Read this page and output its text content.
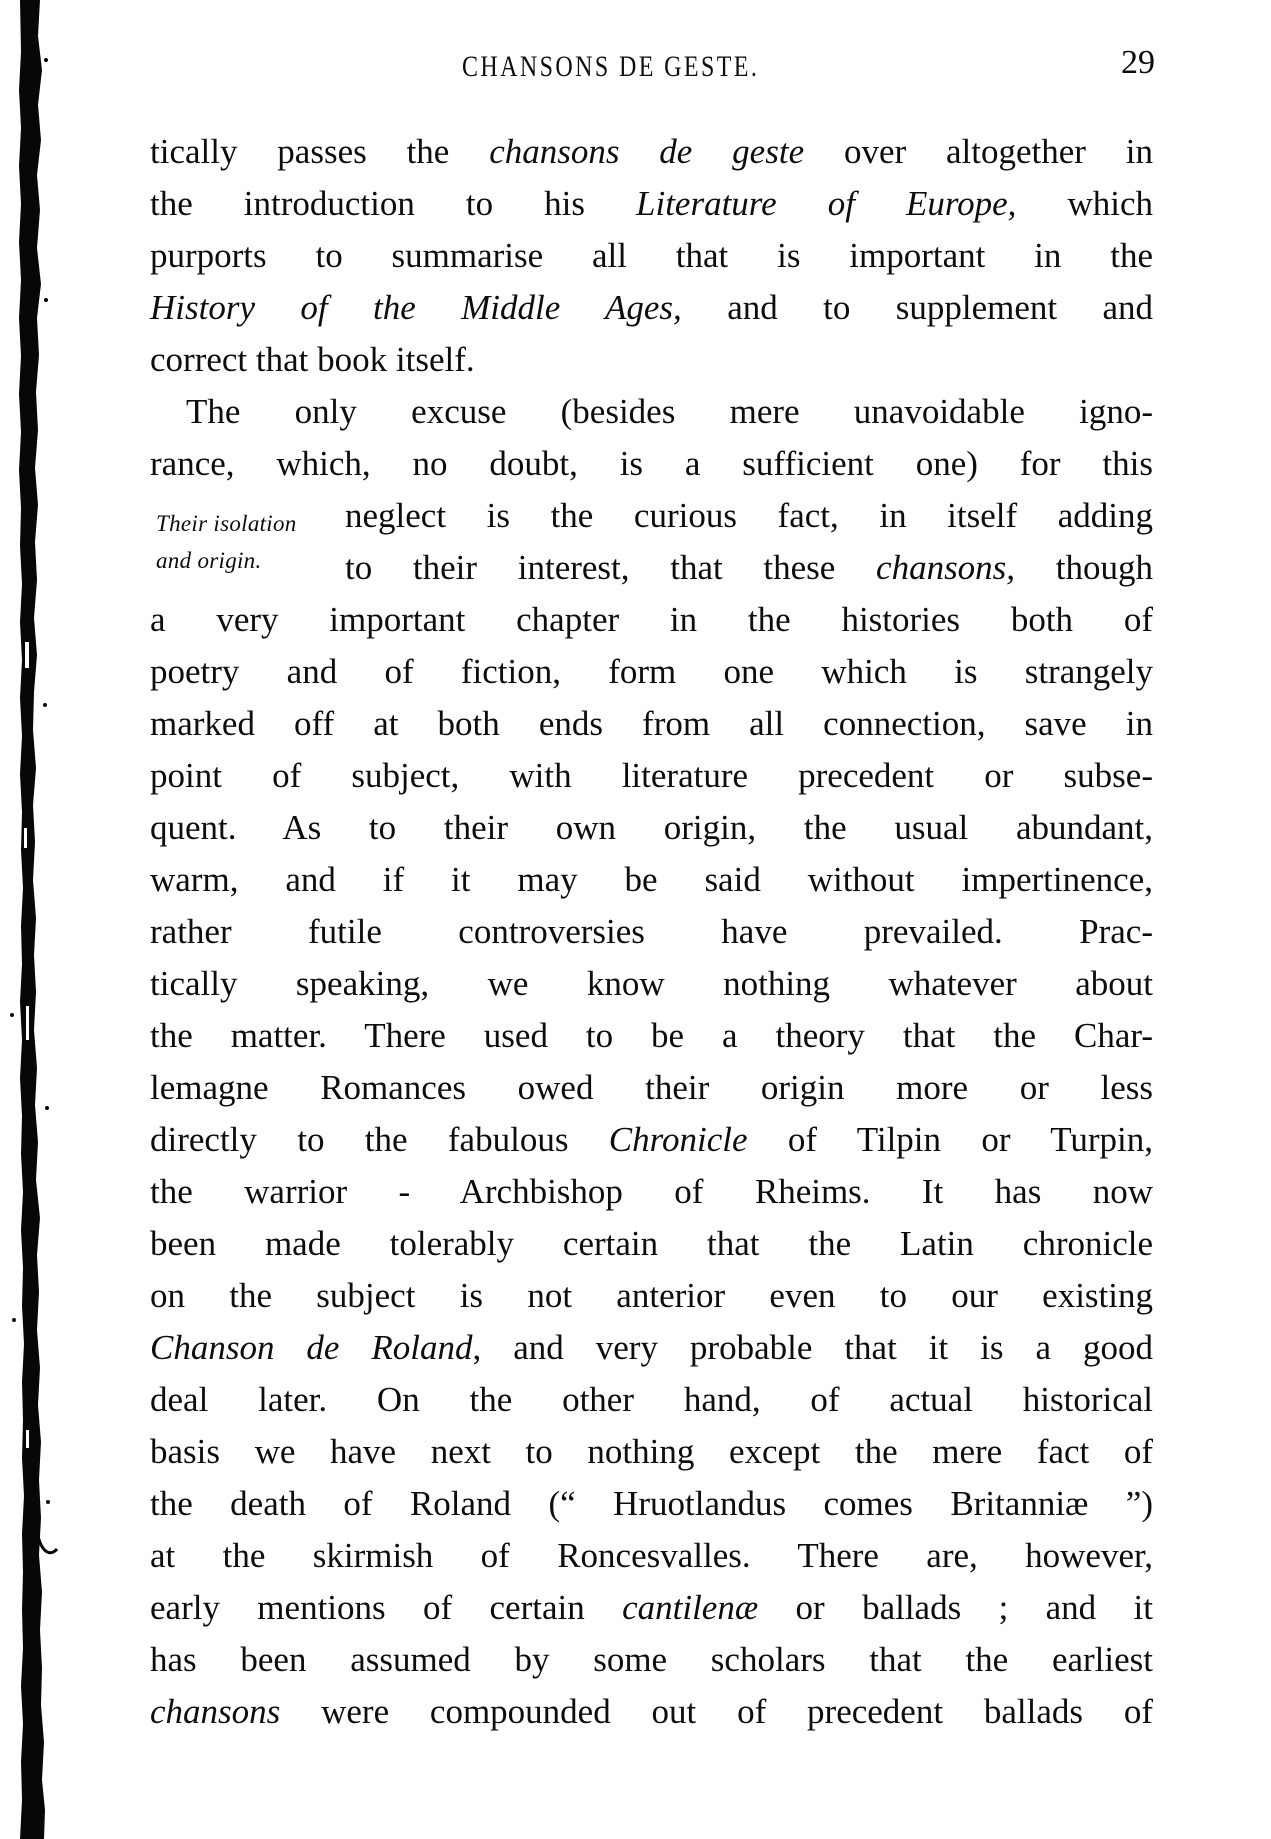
CHANSONS DE GESTE.	29
Their isolation
and origin.
tically passes the chansons de geste over altogether in
the introduction to his Literature of Europe, which
purports to summarise all that is important in the
History of the Middle Ages, and to supplement and
correct that book itself.
The only excuse (besides mere unavoidable igno-
rance, which, no doubt, is a sufficient one) for this
neglect is the curious fact, in itself adding
to their interest, that these chansons, though
a very important chapter in the histories both of
poetry and of fiction, form one which is strangely
marked off at both ends from all connection, save in
point of subject, with literature precedent or subse-
quent. As to their own origin, the usual abundant,
warm, and if it may be said without impertinence,
rather futile controversies have prevailed. Prac-
tically speaking, we know nothing whatever about
the matter. There used to be a theory that the Char-
lemagne Romances owed their origin more or less
directly to the fabulous Chronicle of Tilpin or Turpin,
the warrior - Archbishop of Rheims. It has now
been made tolerably certain that the Latin chronicle
on the subject is not anterior even to our existing
Chanson de Roland, and very probable that it is a good
deal later. On the other hand, of actual historical
basis we have next to nothing except the mere fact of
the death of Roland (“ Hruotlandus comes Britanniæ ”)
at the skirmish of Roncesvalles. There are, however,
early mentions of certain cantilenæ or ballads ; and it
has been assumed by some scholars that the earliest
chansons were compounded out of precedent ballads of
